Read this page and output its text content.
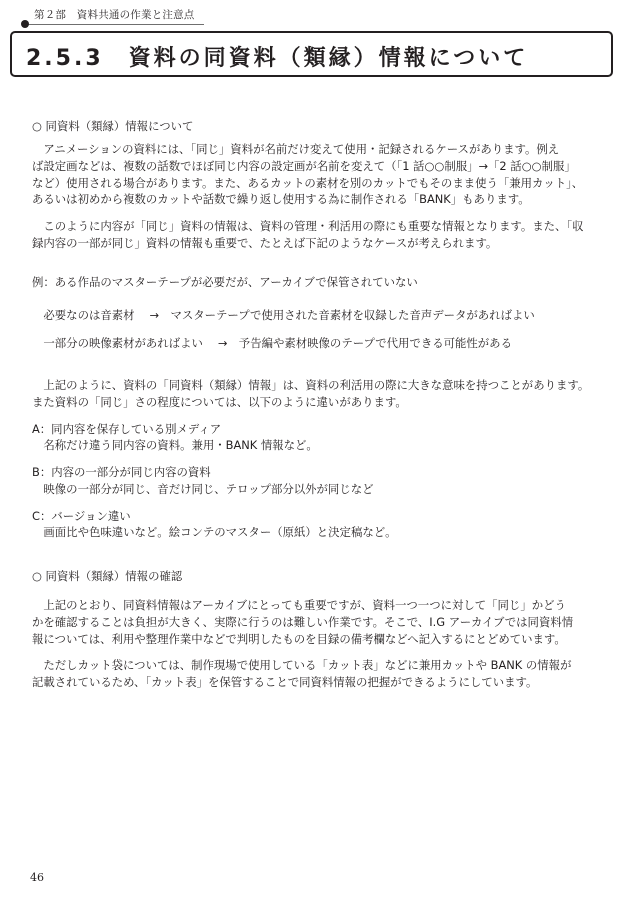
第２部　資料共通の作業と注意点
2.5.3　資料の同資料（類縁）情報について
○ 同資料（類縁）情報について
　アニメーションの資料には、「同じ」資料が名前だけ変えて使用・記録されるケースがあります。例え
ば設定画などは、複数の話数でほぼ同じ内容の設定画が名前を変えて（「1 話○○制服」→「2 話○○制服」
など）使用される場合があります。また、あるカットの素材を別のカットでもそのまま使う「兼用カット」、
あるいは初めから複数のカットや話数で繰り返し使用する為に制作される「BANK」もあります。
　このように内容が「同じ」資料の情報は、資料の管理・利活用の際にも重要な情報となります。また、「収
録内容の一部が同じ」資料の情報も重要で、たとえば下記のようなケースが考えられます。
例：ある作品のマスターテープが必要だが、アーカイブで保管されていない
　必要なのは音素材　 →　マスターテープで使用された音素材を収録した音声データがあればよい
　一部分の映像素材があればよい　 →　予告編や素材映像のテープで代用できる可能性がある
　上記のように、資料の「同資料（類縁）情報」は、資料の利活用の際に大きな意味を持つことがあります。
また資料の「同じ」さの程度については、以下のように違いがあります。
A：同内容を保存している別メディア
　名称だけ違う同内容の資料。兼用・BANK 情報など。
B：内容の一部分が同じ内容の資料
　映像の一部分が同じ、音だけ同じ、テロップ部分以外が同じなど
C：バージョン違い
　画面比や色味違いなど。絵コンテのマスター（原紙）と決定稿など。
○ 同資料（類縁）情報の確認
　上記のとおり、同資料情報はアーカイブにとっても重要ですが、資料一つ一つに対して「同じ」かどう
かを確認することは負担が大きく、実際に行うのは難しい作業です。そこで、I.G アーカイブでは同資料情
報については、利用や整理作業中などで判明したものを目録の備考欄などへ記入するにとどめています。
　ただしカット袋については、制作現場で使用している「カット表」などに兼用カットや BANK の情報が
記載されているため、「カット表」を保管することで同資料情報の把握ができるようにしています。
46
